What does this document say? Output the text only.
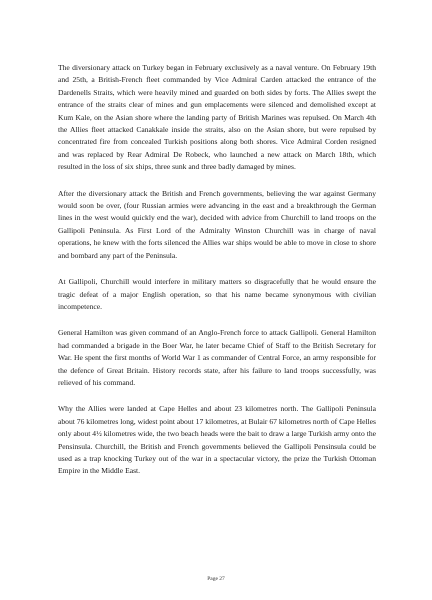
The diversionary attack on Turkey began in February exclusively as a naval venture. On February 19th and 25th, a British-French fleet commanded by Vice Admiral Carden attacked the entrance of the Dardenells Straits, which were heavily mined and guarded on both sides by forts. The Allies swept the entrance of the straits clear of mines and gun emplacements were silenced and demolished except at Kum Kale, on the Asian shore where the landing party of British Marines was repulsed. On March 4th the Allies fleet attacked Canakkale inside the straits, also on the Asian shore, but were repulsed by concentrated fire from concealed Turkish positions along both shores. Vice Admiral Corden resigned and was replaced by Rear Admiral De Robeck, who launched a new attack on March 18th, which resulted in the loss of six ships, three sunk and three badly damaged by mines.

After the diversionary attack the British and French governments, believing the war against Germany would soon be over, (four Russian armies were advancing in the east and a breakthrough the German lines in the west would quickly end the war), decided with advice from Churchill to land troops on the Gallipoli Peninsula. As First Lord of the Admiralty Winston Churchill was in charge of naval operations, he knew with the forts silenced the Allies war ships would be able to move in close to shore and bombard any part of the Peninsula.

At Gallipoli, Churchill would interfere in military matters so disgracefully that he would ensure the tragic defeat of a major English operation, so that his name became synonymous with civilian incompetence.

General Hamilton was given command of an Anglo-French force to attack Gallipoli. General Hamilton had commanded a brigade in the Boer War, he later became Chief of Staff to the British Secretary for War. He spent the first months of World War 1 as commander of Central Force, an army responsible for the defence of Great Britain. History records state, after his failure to land troops successfully, was relieved of his command.

Why the Allies were landed at Cape Helles and about 23 kilometres north. The Gallipoli Peninsula about 76 kilometres long, widest point about 17 kilometres, at Bulair 67 kilometres north of Cape Helles only about 4½ kilometres wide, the two beach heads were the bait to draw a large Turkish army onto the Pensinsula. Churchill, the British and French governments believed the Gallipoli Pensinsula could be used as a trap knocking Turkey out of the war in a spectacular victory, the prize the Turkish Ottoman Empire in the Middle East.

Page 27
